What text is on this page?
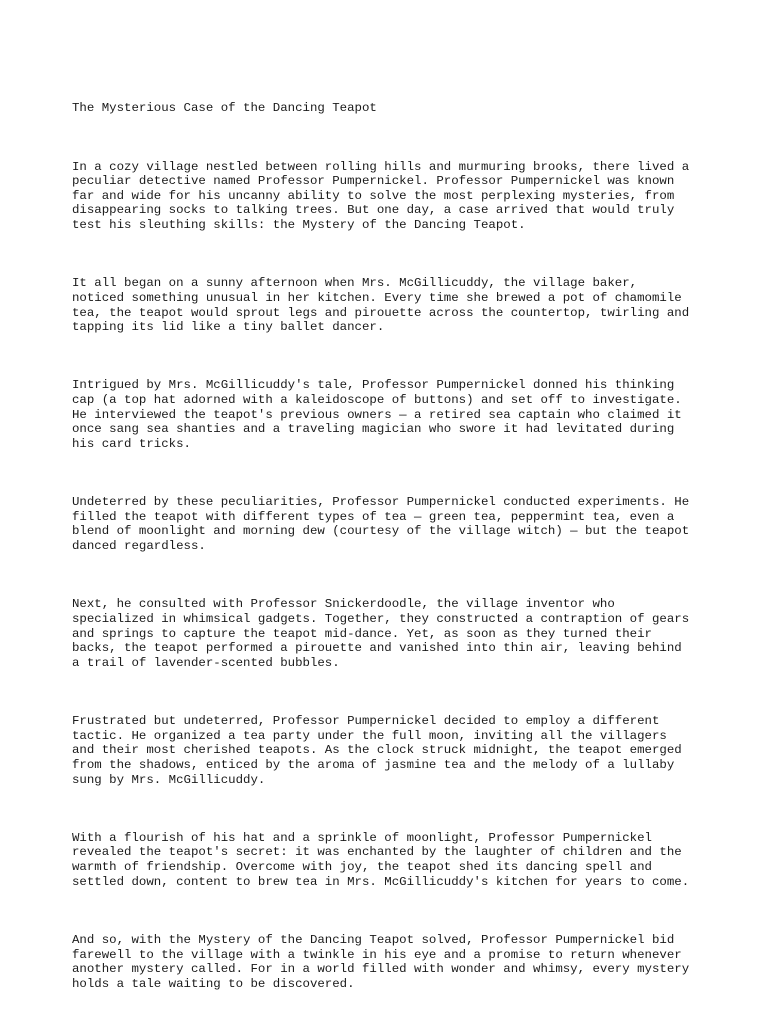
The Mysterious Case of the Dancing Teapot

In a cozy village nestled between rolling hills and murmuring brooks, there lived a
peculiar detective named Professor Pumpernickel. Professor Pumpernickel was known
far and wide for his uncanny ability to solve the most perplexing mysteries, from
disappearing socks to talking trees. But one day, a case arrived that would truly
test his sleuthing skills: the Mystery of the Dancing Teapot.

It all began on a sunny afternoon when Mrs. McGillicuddy, the village baker,
noticed something unusual in her kitchen. Every time she brewed a pot of chamomile
tea, the teapot would sprout legs and pirouette across the countertop, twirling and
tapping its lid like a tiny ballet dancer.

Intrigued by Mrs. McGillicuddy's tale, Professor Pumpernickel donned his thinking
cap (a top hat adorned with a kaleidoscope of buttons) and set off to investigate.
He interviewed the teapot's previous owners — a retired sea captain who claimed it
once sang sea shanties and a traveling magician who swore it had levitated during
his card tricks.

Undeterred by these peculiarities, Professor Pumpernickel conducted experiments. He
filled the teapot with different types of tea — green tea, peppermint tea, even a
blend of moonlight and morning dew (courtesy of the village witch) — but the teapot
danced regardless.

Next, he consulted with Professor Snickerdoodle, the village inventor who
specialized in whimsical gadgets. Together, they constructed a contraption of gears
and springs to capture the teapot mid-dance. Yet, as soon as they turned their
backs, the teapot performed a pirouette and vanished into thin air, leaving behind
a trail of lavender-scented bubbles.

Frustrated but undeterred, Professor Pumpernickel decided to employ a different
tactic. He organized a tea party under the full moon, inviting all the villagers
and their most cherished teapots. As the clock struck midnight, the teapot emerged
from the shadows, enticed by the aroma of jasmine tea and the melody of a lullaby
sung by Mrs. McGillicuddy.

With a flourish of his hat and a sprinkle of moonlight, Professor Pumpernickel
revealed the teapot's secret: it was enchanted by the laughter of children and the
warmth of friendship. Overcome with joy, the teapot shed its dancing spell and
settled down, content to brew tea in Mrs. McGillicuddy's kitchen for years to come.

And so, with the Mystery of the Dancing Teapot solved, Professor Pumpernickel bid
farewell to the village with a twinkle in his eye and a promise to return whenever
another mystery called. For in a world filled with wonder and whimsy, every mystery
holds a tale waiting to be discovered.
